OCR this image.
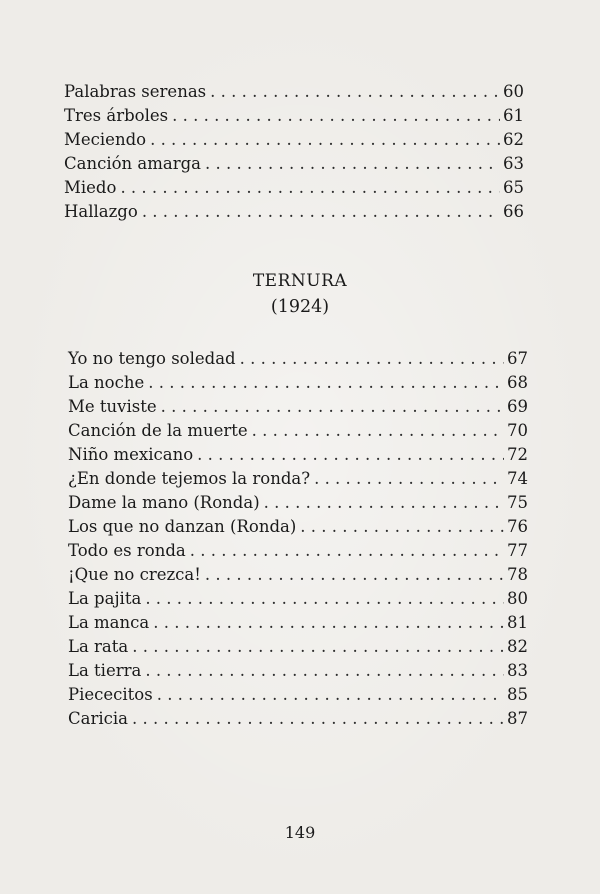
Palabras serenas . . .	60
Tres árboles . . .	61
Meciendo . . .	62
Canción amarga . . .	63
Miedo . . .	65
Hallazgo . . .	66
TERNURA
(1924)
Yo no tengo soledad . . .	67
La noche . . .	68
Me tuviste . . .	69
Canción de la muerte . . .	70
Niño mexicano . . .	72
¿En donde tejemos la ronda? . . .	74
Dame la mano (Ronda) . . .	75
Los que no danzan (Ronda) . . .	76
Todo es ronda . . .	77
¡Que no crezca! . . .	78
La pajita . . .	80
La manca . . .	81
La rata . . .	82
La tierra . . .	83
Piececitos . . .	85
Caricia . . .	87
149
